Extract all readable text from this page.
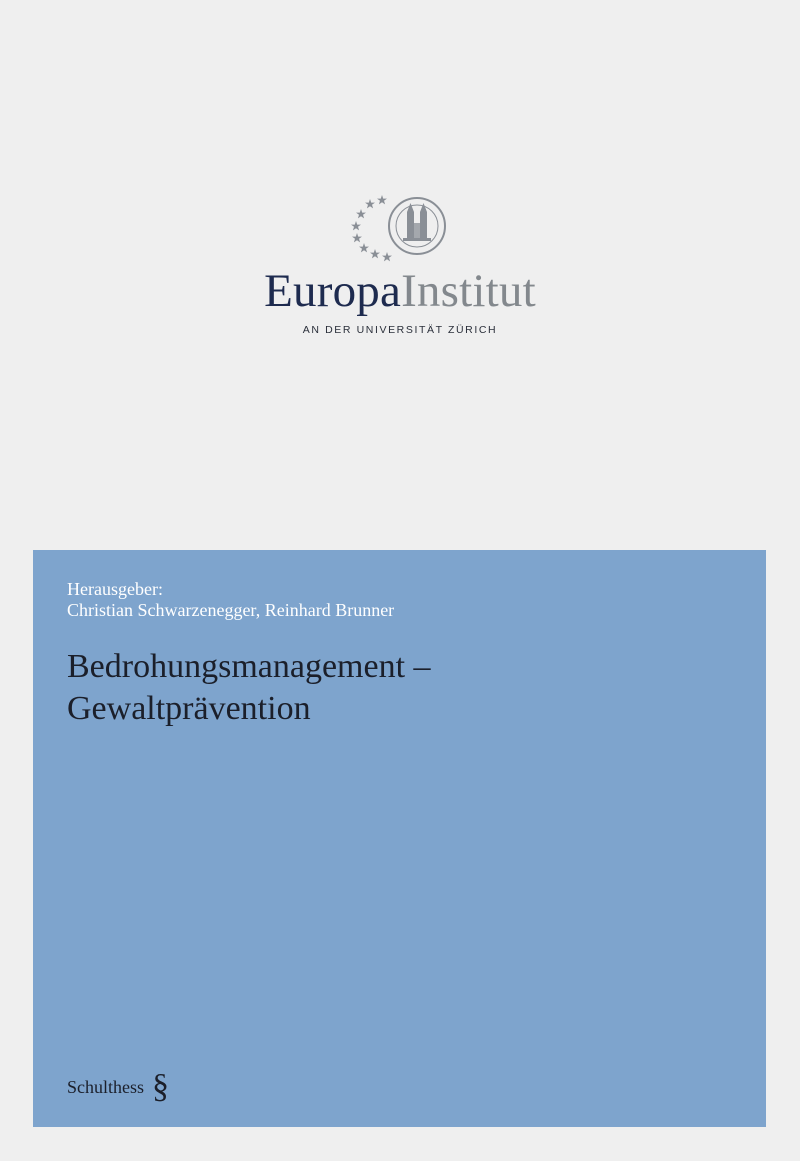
EuropaInstitut
AN DER UNIVERSITÄT ZÜRICH
Herausgeber:
Christian Schwarzenegger, Reinhard Brunner
Bedrohungsmanagement –
Gewaltprävention
Schulthess §
